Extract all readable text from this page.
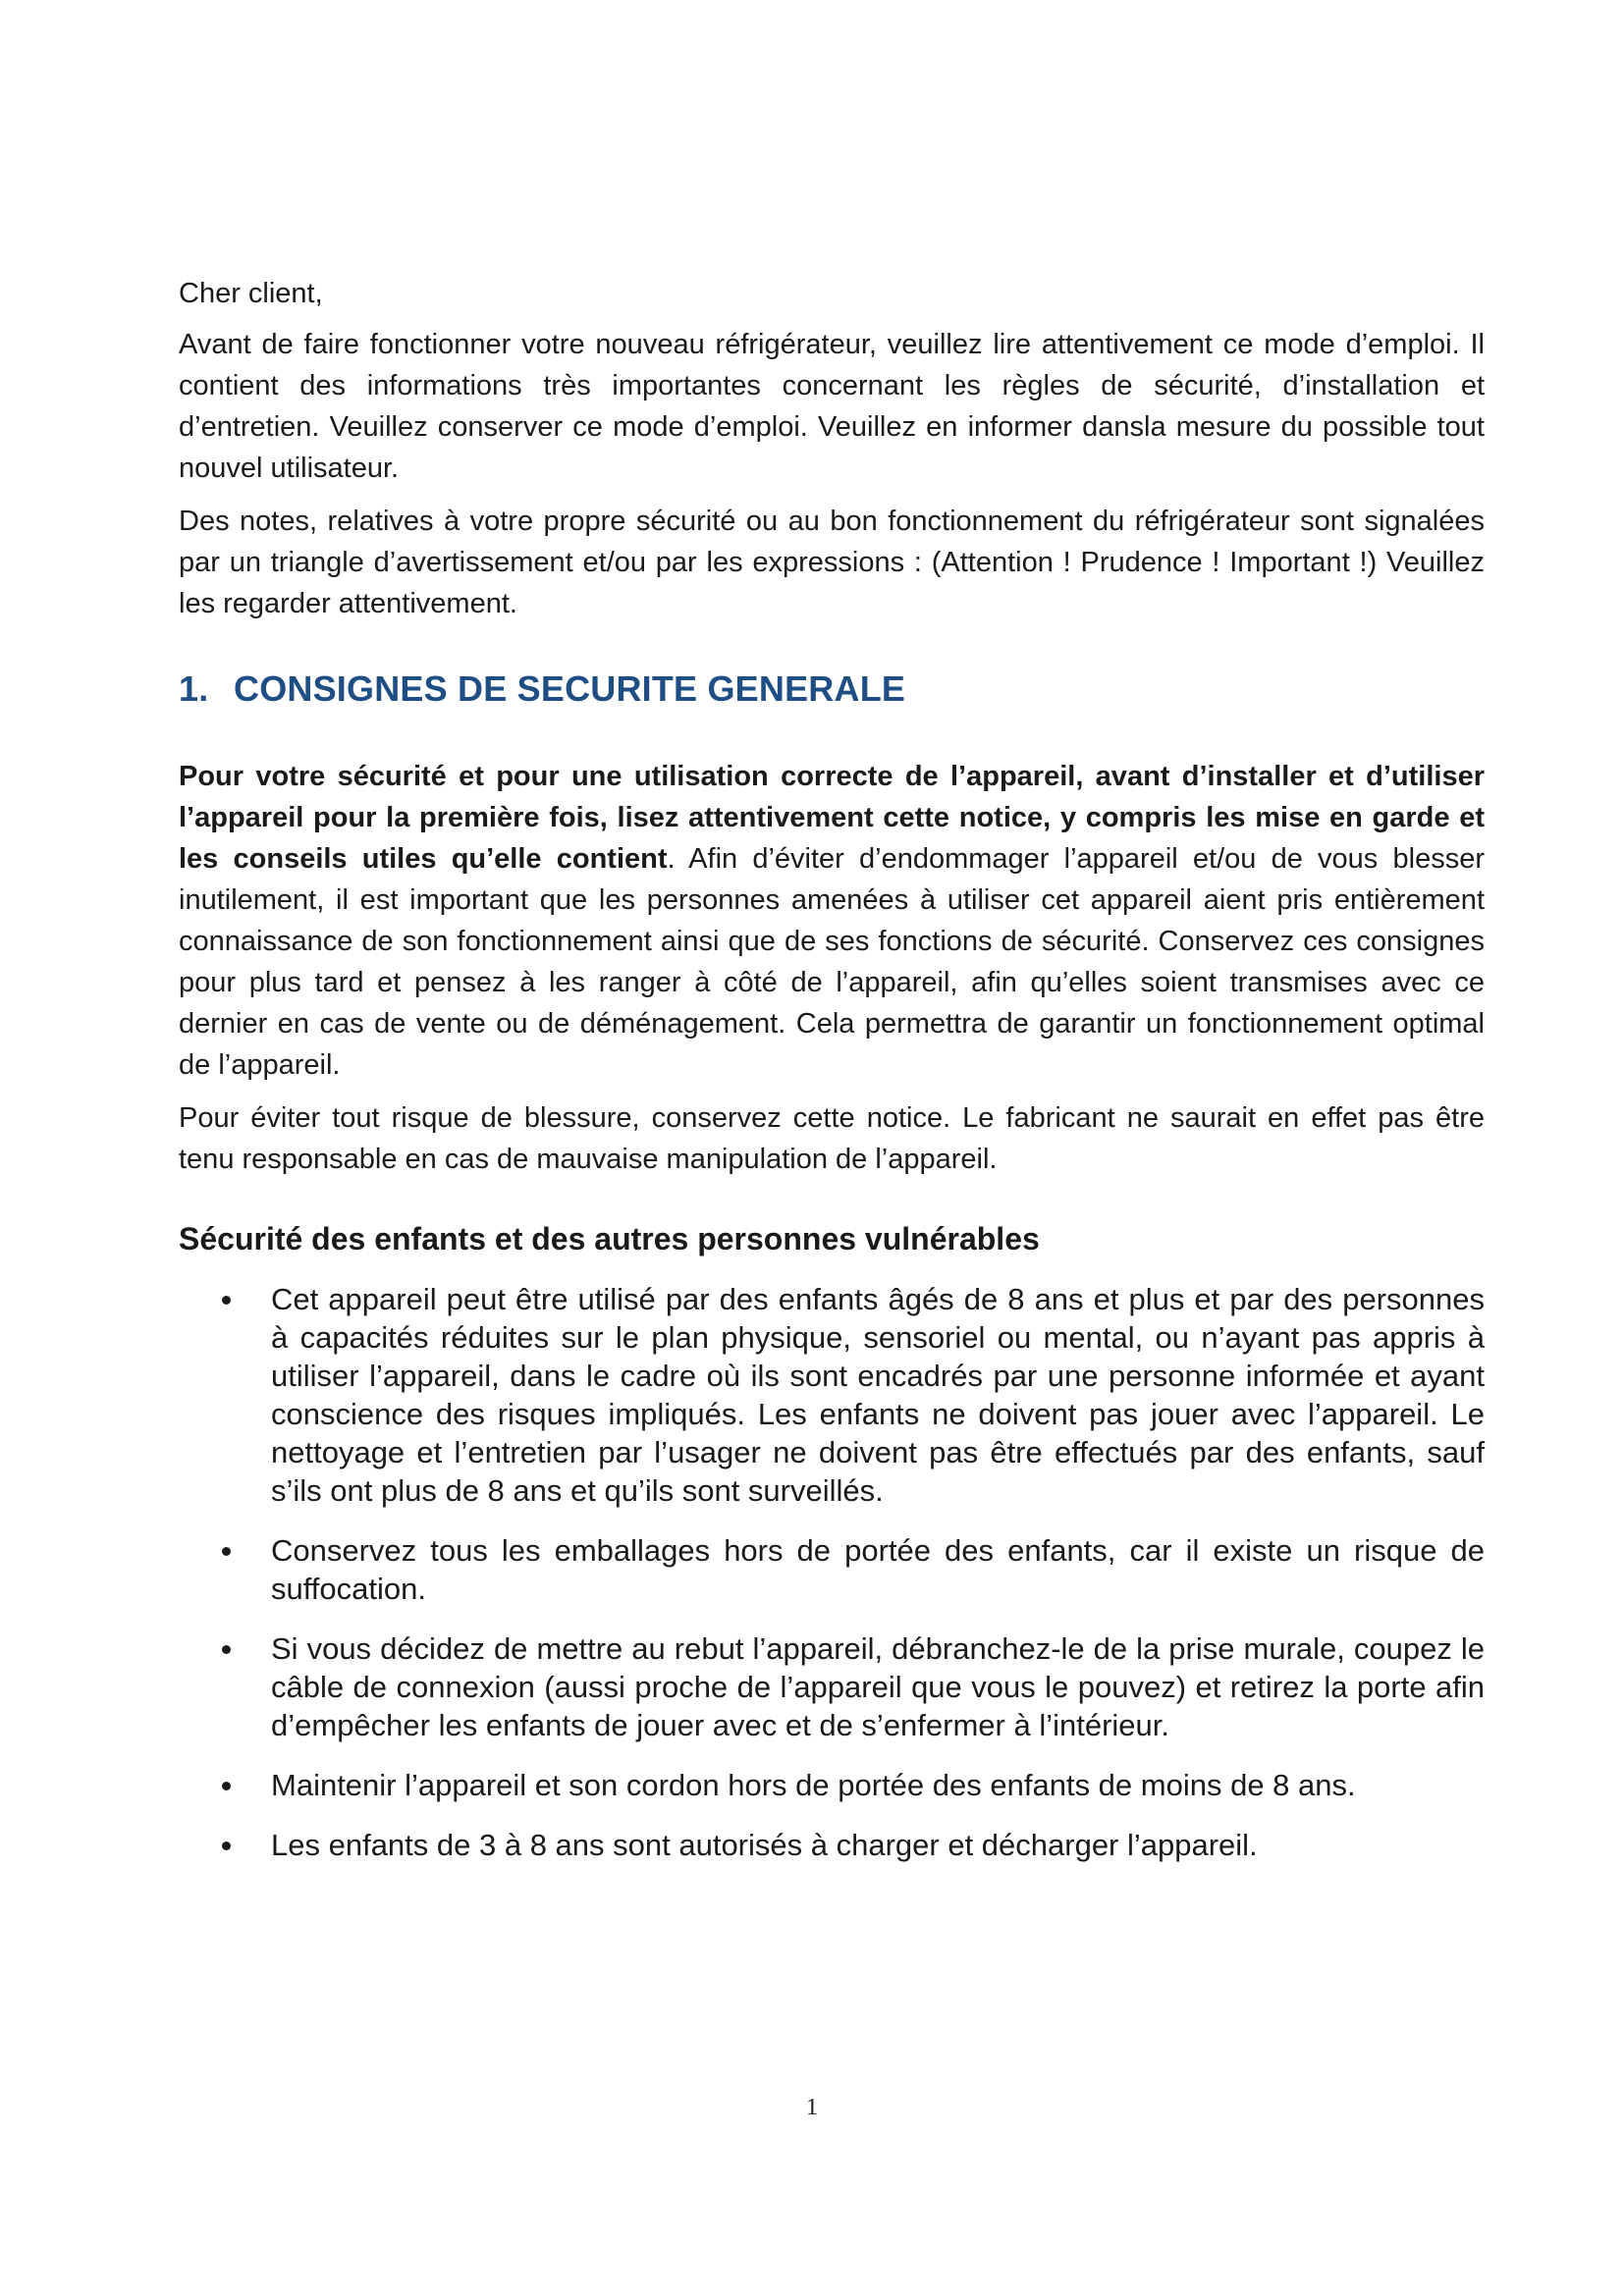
Cher client,

Avant de faire fonctionner votre nouveau réfrigérateur, veuillez lire attentivement ce mode d’emploi. Il contient des informations très importantes concernant les règles de sécurité, d’installation et d’entretien. Veuillez conserver ce mode d’emploi. Veuillez en informer dansla mesure du possible tout nouvel utilisateur.

Des notes, relatives à votre propre sécurité ou au bon fonctionnement du réfrigérateur sont signalées par un triangle d’avertissement et/ou par les expressions : (Attention ! Prudence ! Important !) Veuillez les regarder attentivement.

1. CONSIGNES DE SECURITE GENERALE

Pour votre sécurité et pour une utilisation correcte de l’appareil, avant d’installer et d’utiliser l’appareil pour la première fois, lisez attentivement cette notice, y compris les mise en garde et les conseils utiles qu’elle contient. Afin d’éviter d’endommager l’appareil et/ou de vous blesser inutilement, il est important que les personnes amenées à utiliser cet appareil aient pris entièrement connaissance de son fonctionnement ainsi que de ses fonctions de sécurité. Conservez ces consignes pour plus tard et pensez à les ranger à côté de l’appareil, afin qu’elles soient transmises avec ce dernier en cas de vente ou de déménagement. Cela permettra de garantir un fonctionnement optimal de l’appareil.

Pour éviter tout risque de blessure, conservez cette notice. Le fabricant ne saurait en effet pas être tenu responsable en cas de mauvaise manipulation de l’appareil.

Sécurité des enfants et des autres personnes vulnérables
Cet appareil peut être utilisé par des enfants âgés de 8 ans et plus et par des personnes à capacités réduites sur le plan physique, sensoriel ou mental, ou n’ayant pas appris à utiliser l’appareil, dans le cadre où ils sont encadrés par une personne informée et ayant conscience des risques impliqués. Les enfants ne doivent pas jouer avec l’appareil. Le nettoyage et l’entretien par l’usager ne doivent pas être effectués par des enfants, sauf s’ils ont plus de 8 ans et qu’ils sont surveillés.
Conservez tous les emballages hors de portée des enfants, car il existe un risque de suffocation.
Si vous décidez de mettre au rebut l’appareil, débranchez-le de la prise murale, coupez le câble de connexion (aussi proche de l’appareil que vous le pouvez) et retirez la porte afin d’empêcher les enfants de jouer avec et de s’enfermer à l’intérieur.
Maintenir l’appareil et son cordon hors de portée des enfants de moins de 8 ans.
Les enfants de 3 à 8 ans sont autorisés à charger et décharger l’appareil.
1
